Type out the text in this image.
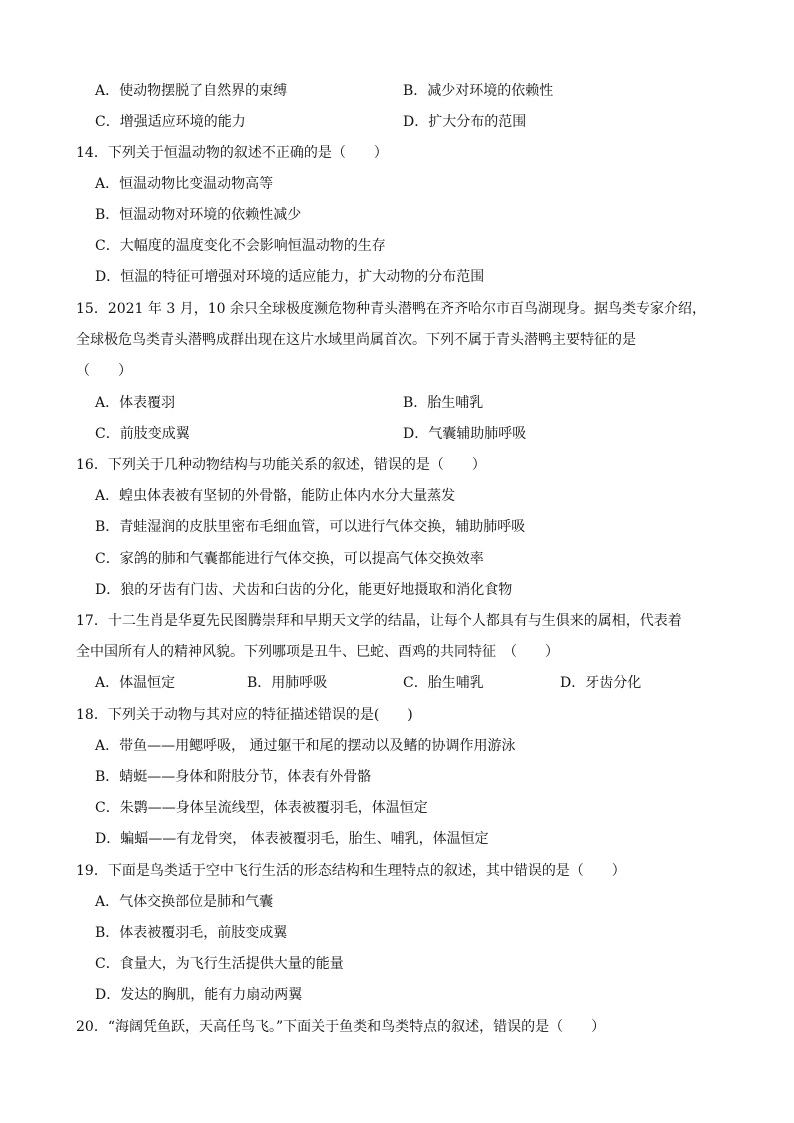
A．使动物摆脱了自然界的束缚	B．减少对环境的依赖性
C．增强适应环境的能力	D．扩大分布的范围
14．下列关于恒温动物的叙述不正确的是（　　）
A．恒温动物比变温动物高等
B．恒温动物对环境的依赖性减少
C．大幅度的温度变化不会影响恒温动物的生存
D．恒温的特征可增强对环境的适应能力，扩大动物的分布范围
15．2021 年 3 月，10 余只全球极度濒危物种青头潜鸭在齐齐哈尔市百鸟湖现身。据鸟类专家介绍，
全球极危鸟类青头潜鸭成群出现在这片水域里尚属首次。下列不属于青头潜鸭主要特征的是
（　　）
A．体表覆羽	B．胎生哺乳
C．前肢变成翼	D．气囊辅助肺呼吸
16．下列关于几种动物结构与功能关系的叙述，错误的是（　　）
A．蝗虫体表被有坚韧的外骨骼，能防止体内水分大量蒸发
B．青蛙湿润的皮肤里密布毛细血管，可以进行气体交换，辅助肺呼吸
C．家鸽的肺和气囊都能进行气体交换，可以提高气体交换效率
D．狼的牙齿有门齿、犬齿和臼齿的分化，能更好地摄取和消化食物
17．十二生肖是华夏先民图腾崇拜和早期天文学的结晶，让每个人都具有与生俱来的属相，代表着
全中国所有人的精神风貌。下列哪项是丑牛、巳蛇、酉鸡的共同特征　（　　）
A．体温恒定	B．用肺呼吸	C．胎生哺乳	D．牙齿分化
18．下列关于动物与其对应的特征描述错误的是(　　)
A．带鱼——用鳃呼吸， 通过躯干和尾的摆动以及鳍的协调作用游泳
B．蜻蜓——身体和附肢分节，体表有外骨骼
C．朱鹮——身体呈流线型，体表被覆羽毛，体温恒定
D．蝙蝠——有龙骨突， 体表被覆羽毛，胎生、哺乳，体温恒定
19．下面是鸟类适于空中飞行生活的形态结构和生理特点的叙述，其中错误的是（　　）
A．气体交换部位是肺和气囊
B．体表被覆羽毛，前肢变成翼
C．食量大，为飞行生活提供大量的能量
D．发达的胸肌，能有力扇动两翼
20．“海阔凭鱼跃，天高任鸟飞。”下面关于鱼类和鸟类特点的叙述，错误的是（　　）
